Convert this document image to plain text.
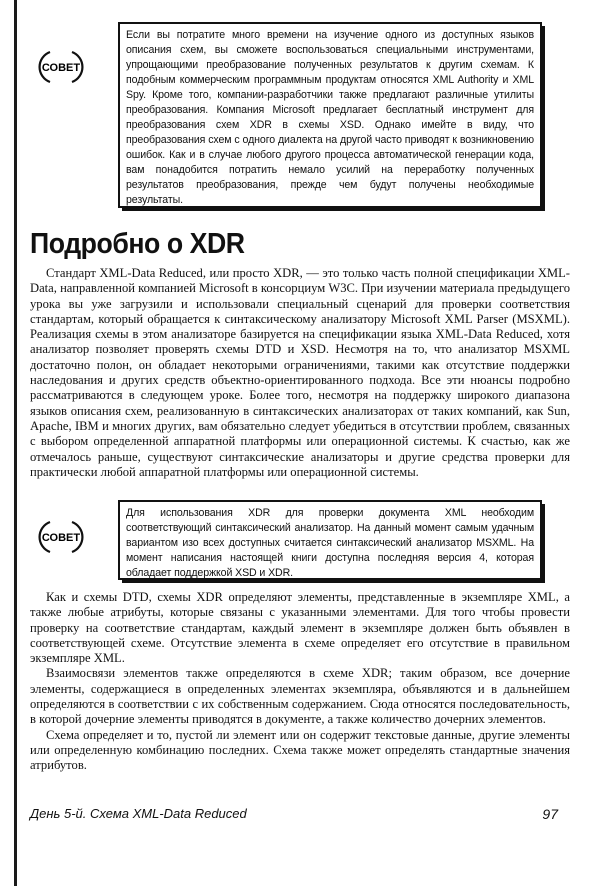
СОВЕТ
Если вы потратите много времени на изучение одного из доступных языков описания схем, вы сможете воспользоваться специальными инструментами, упрощающими преобразование полученных результатов к другим схемам. К подобным коммерческим программным продуктам относятся XML Authority и XML Spy. Кроме того, компании-разработчики также предлагают различные утилиты преобразования. Компания Microsoft предлагает бесплатный инструмент для преобразования схем XDR в схемы XSD. Однако имейте в виду, что преобразования схем с одного диалекта на другой часто приводят к возникновению ошибок. Как и в случае любого другого процесса автоматической генерации кода, вам понадобится потратить немало усилий на переработку полученных результатов преобразования, прежде чем будут получены необходимые результаты.
Подробно о XDR

Стандарт XML-Data Reduced, или просто XDR, — это только часть полной спецификации XML-Data, направленной компанией Microsoft в консорциум W3C. При изучении материала предыдущего урока вы уже загрузили и использовали специальный сценарий для проверки соответствия стандартам, который обращается к синтаксическому анализатору Microsoft XML Parser (MSXML). Реализация схемы в этом анализаторе базируется на спецификации языка XML-Data Reduced, хотя анализатор позволяет проверять схемы DTD и XSD. Несмотря на то, что анализатор MSXML достаточно полон, он обладает некоторыми ограничениями, такими как отсутствие поддержки наследования и других средств объектно-ориентированного подхода. Все эти нюансы подробно рассматриваются в следующем уроке. Более того, несмотря на поддержку широкого диапазона языков описания схем, реализованную в синтаксических анализаторах от таких компаний, как Sun, Apache, IBM и многих других, вам обязательно следует убедиться в отсутствии проблем, связанных с выбором определенной аппаратной платформы или операционной системы. К счастью, как же отмечалось раньше, существуют синтаксические анализаторы и другие средства проверки для практически любой аппаратной платформы или операционной системы.

СОВЕТ
Для использования XDR для проверки документа XML необходим соответствующий синтаксический анализатор. На данный момент самым удачным вариантом изо всех доступных считается синтаксический анализатор MSXML. На момент написания настоящей книги доступна последняя версия 4, которая обладает поддержкой XSD и XDR.

Как и схемы DTD, схемы XDR определяют элементы, представленные в экземпляре XML, а также любые атрибуты, которые связаны с указанными элементами. Для того чтобы провести проверку на соответствие стандартам, каждый элемент в экземпляре должен быть объявлен в соответствующей схеме. Отсутствие элемента в схеме определяет его отсутствие в правильном экземпляре XML.

Взаимосвязи элементов также определяются в схеме XDR; таким образом, все дочерние элементы, содержащиеся в определенных элементах экземпляра, объявляются и в дальнейшем определяются в соответствии с их собственным содержанием. Сюда относятся последовательность, в которой дочерние элементы приводятся в документе, а также количество дочерних элементов.

Схема определяет и то, пустой ли элемент или он содержит текстовые данные, другие элементы или определенную комбинацию последних. Схема также может определять стандартные значения атрибутов.

День 5-й. Схема XML-Data Reduced	97
